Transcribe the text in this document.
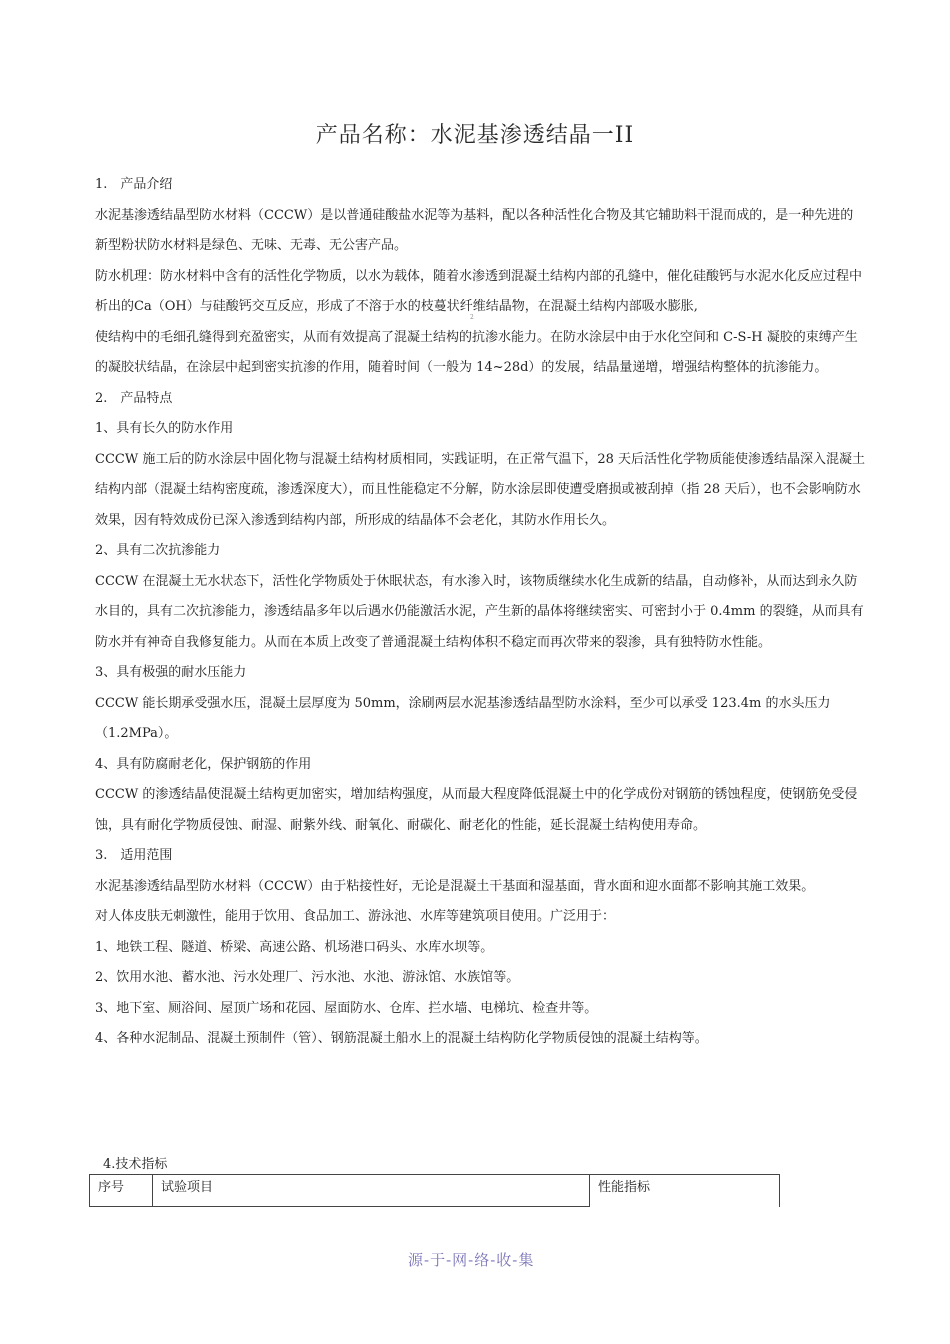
产品名称：水泥基渗透结晶一II
2

1.　产品介绍

水泥基渗透结晶型防水材料（CCCW）是以普通硅酸盐水泥等为基料，配以各种活性化合物及其它辅助料干混而成的，是一种先进的新型粉状防水材料是绿色、无味、无毒、无公害产品。

防水机理：防水材料中含有的活性化学物质，以水为载体，随着水渗透到混凝土结构内部的孔缝中，催化硅酸钙与水泥水化反应过程中析出的Ca（OH）与硅酸钙交互反应，形成了不溶于水的枝蔓状纤维结晶物，在混凝土结构内部吸水膨胀,

使结构中的毛细孔缝得到充盈密实，从而有效提高了混凝土结构的抗渗水能力。在防水涂层中由于水化空间和 C-S-H 凝胶的束缚产生的凝胶状结晶，在涂层中起到密实抗渗的作用，随着时间（一般为 14~28d）的发展，结晶量递增，增强结构整体的抗渗能力。

2.　产品特点

1、具有长久的防水作用

CCCW 施工后的防水涂层中固化物与混凝土结构材质相同，实践证明，在正常气温下，28 天后活性化学物质能使渗透结晶深入混凝土结构内部（混凝土结构密度疏，渗透深度大），而且性能稳定不分解，防水涂层即使遭受磨损或被刮掉（指 28 天后），也不会影响防水效果，因有特效成份已深入渗透到结构内部，所形成的结晶体不会老化，其防水作用长久。

2、具有二次抗渗能力

CCCW 在混凝土无水状态下，活性化学物质处于休眠状态，有水渗入时，该物质继续水化生成新的结晶，自动修补，从而达到永久防水目的，具有二次抗渗能力，渗透结晶多年以后遇水仍能激活水泥，产生新的晶体将继续密实、可密封小于 0.4mm 的裂缝，从而具有防水并有神奇自我修复能力。从而在本质上改变了普通混凝土结构体积不稳定而再次带来的裂渗，具有独特防水性能。

3、具有极强的耐水压能力

CCCW 能长期承受强水压，混凝土层厚度为 50mm，涂刷两层水泥基渗透结晶型防水涂料，至少可以承受 123.4m 的水头压力（1.2MPa）。

4、具有防腐耐老化，保护钢筋的作用

CCCW 的渗透结晶使混凝土结构更加密实，增加结构强度，从而最大程度降低混凝土中的化学成份对钢筋的锈蚀程度，使钢筋免受侵蚀，具有耐化学物质侵蚀、耐湿、耐紫外线、耐氧化、耐碳化、耐老化的性能，延长混凝土结构使用寿命。

3.　适用范围

水泥基渗透结晶型防水材料（CCCW）由于粘接性好，无论是混凝土干基面和湿基面，背水面和迎水面都不影响其施工效果。

对人体皮肤无刺激性，能用于饮用、食品加工、游泳池、水库等建筑项目使用。广泛用于：

1、地铁工程、隧道、桥梁、高速公路、机场港口码头、水库水坝等。

2、饮用水池、蓄水池、污水处理厂、污水池、水池、游泳馆、水族馆等。

3、地下室、厕浴间、屋顶广场和花园、屋面防水、仓库、拦水墙、电梯坑、检查井等。

4、各种水泥制品、混凝土预制件（管）、钢筋混凝土船水上的混凝土结构防化学物质侵蚀的混凝土结构等。

4.技术指标
序号	试验项目	性能指标
源-于-网-络-收-集
